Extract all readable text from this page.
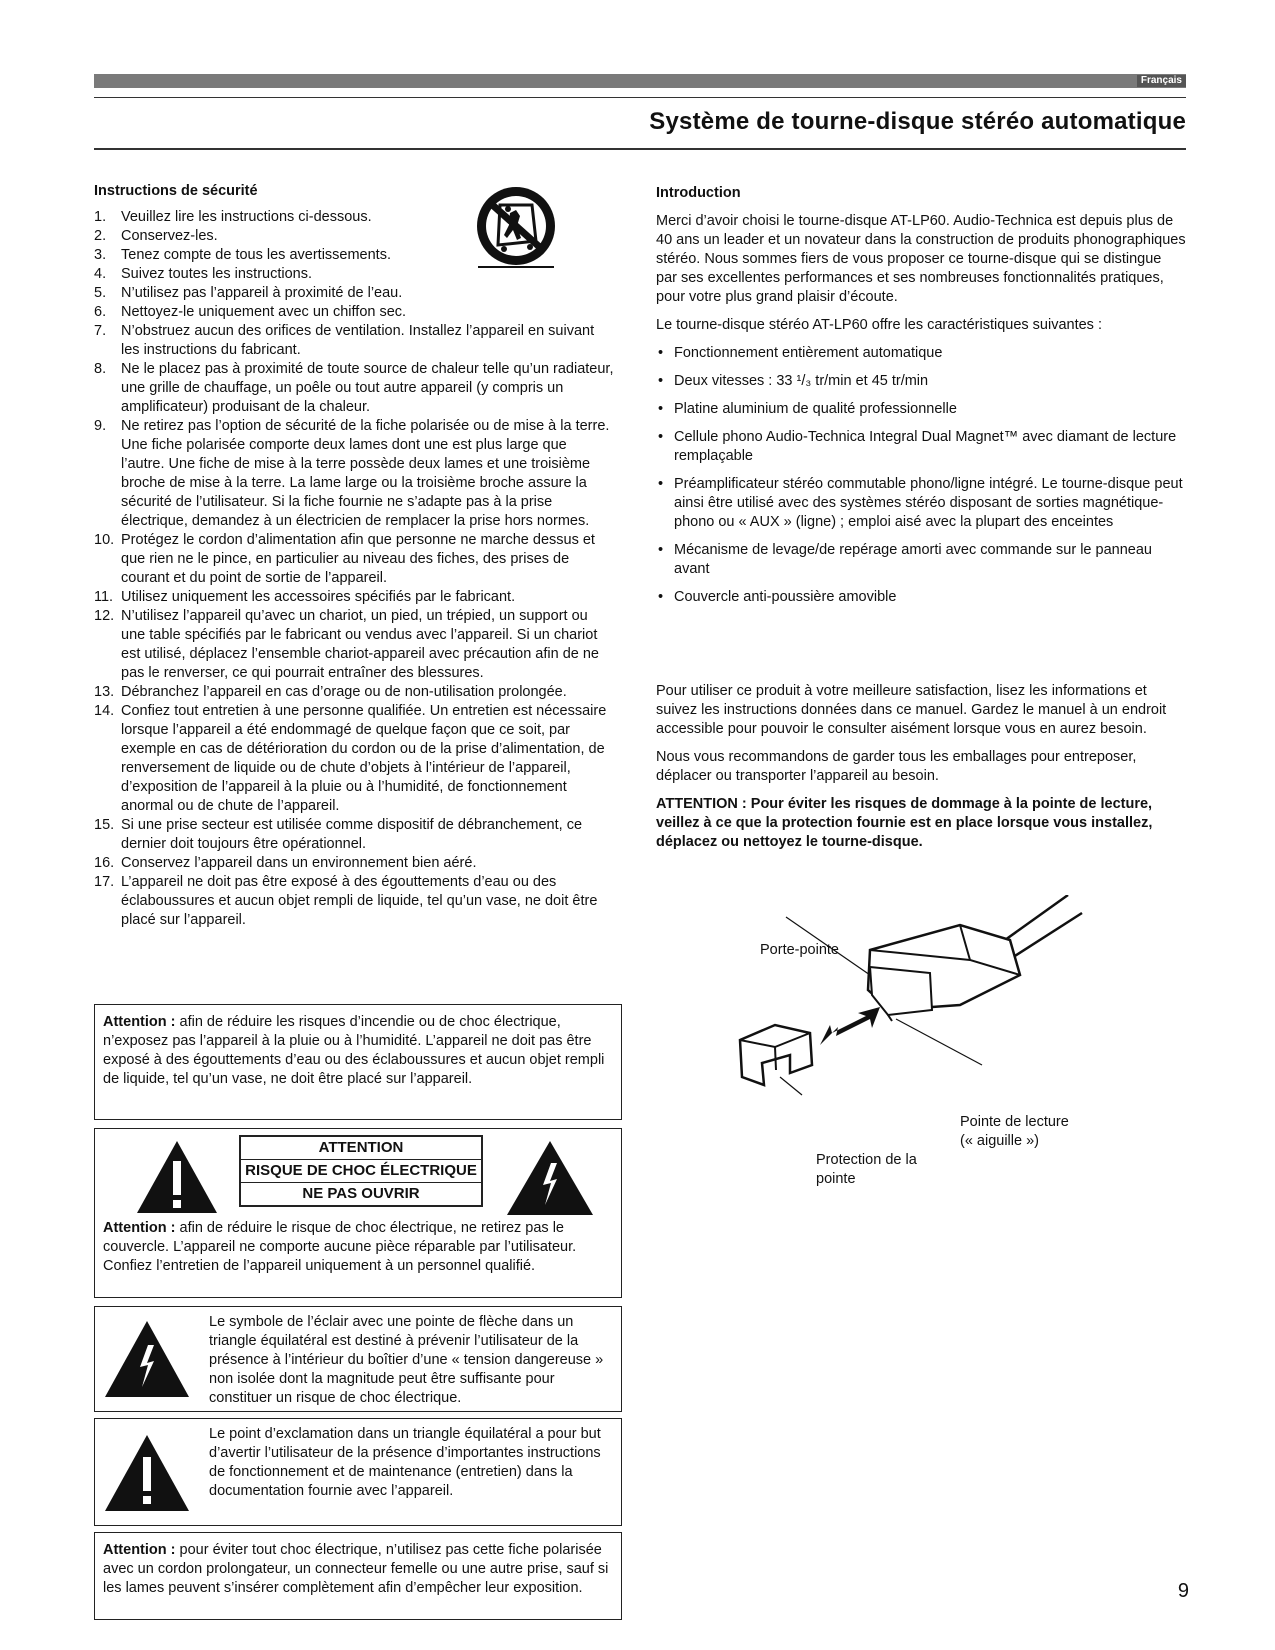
Français
Système de tourne-disque stéréo automatique
Instructions de sécurité
1. Veuillez lire les instructions ci-dessous.
2. Conservez-les.
3. Tenez compte de tous les avertissements.
4. Suivez toutes les instructions.
5. N’utilisez pas l’appareil à proximité de l’eau.
6. Nettoyez-le uniquement avec un chiffon sec.
7. N’obstruez aucun des orifices de ventilation. Installez l’appareil en suivant les instructions du fabricant.
8. Ne le placez pas à proximité de toute source de chaleur telle qu’un radiateur, une grille de chauffage, un poêle ou tout autre appareil (y compris un amplificateur) produisant de la chaleur.
9. Ne retirez pas l’option de sécurité de la fiche polarisée ou de mise à la terre. Une fiche polarisée comporte deux lames dont une est plus large que l’autre. Une fiche de mise à la terre possède deux lames et une troisième broche de mise à la terre. La lame large ou la troisième broche assure la sécurité de l’utilisateur. Si la fiche fournie ne s’adapte pas à la prise électrique, demandez à un électricien de remplacer la prise hors normes.
10. Protégez le cordon d’alimentation afin que personne ne marche dessus et que rien ne le pince, en particulier au niveau des fiches, des prises de courant et du point de sortie de l’appareil.
11. Utilisez uniquement les accessoires spécifiés par le fabricant.
12. N’utilisez l’appareil qu’avec un chariot, un pied, un trépied, un support ou une table spécifiés par le fabricant ou vendus avec l’appareil. Si un chariot est utilisé, déplacez l’ensemble chariot-appareil avec précaution afin de ne pas le renverser, ce qui pourrait entraîner des blessures.
13. Débranchez l’appareil en cas d’orage ou de non-utilisation prolongée.
14. Confiez tout entretien à une personne qualifiée. Un entretien est nécessaire lorsque l’appareil a été endommagé de quelque façon que ce soit, par exemple en cas de détérioration du cordon ou de la prise d’alimentation, de renversement de liquide ou de chute d’objets à l’intérieur de l’appareil, d’exposition de l’appareil à la pluie ou à l’humidité, de fonctionnement anormal ou de chute de l’appareil.
15. Si une prise secteur est utilisée comme dispositif de débranchement, ce dernier doit toujours être opérationnel.
16. Conservez l’appareil dans un environnement bien aéré.
17. L’appareil ne doit pas être exposé à des égouttements d’eau ou des éclaboussures et aucun objet rempli de liquide, tel qu’un vase, ne doit être placé sur l’appareil.

Attention : afin de réduire les risques d’incendie ou de choc électrique, n’exposez pas l’appareil à la pluie ou à l’humidité. L’appareil ne doit pas être exposé à des égouttements d’eau ou des éclaboussures et aucun objet rempli de liquide, tel qu’un vase, ne doit être placé sur l’appareil.

ATTENTION
RISQUE DE CHOC ÉLECTRIQUE
NE PAS OUVRIR

Attention : afin de réduire le risque de choc électrique, ne retirez pas le couvercle. L’appareil ne comporte aucune pièce réparable par l’utilisateur. Confiez l’entretien de l’appareil uniquement à un personnel qualifié.

Le symbole de l’éclair avec une pointe de flèche dans un triangle équilatéral est destiné à prévenir l’utilisateur de la présence à l’intérieur du boîtier d’une « tension dangereuse » non isolée dont la magnitude peut être suffisante pour constituer un risque de choc électrique.

Le point d’exclamation dans un triangle équilatéral a pour but d’avertir l’utilisateur de la présence d’importantes instructions de fonctionnement et de maintenance (entretien) dans la documentation fournie avec l’appareil.

Attention : pour éviter tout choc électrique, n’utilisez pas cette fiche polarisée avec un cordon prolongateur, un connecteur femelle ou une autre prise, sauf si les lames peuvent s’insérer complètement afin d’empêcher leur exposition.

Introduction

Merci d’avoir choisi le tourne-disque AT-LP60. Audio-Technica est depuis plus de 40 ans un leader et un novateur dans la construction de produits phonographiques stéréo. Nous sommes fiers de vous proposer ce tourne-disque qui se distingue par ses excellentes performances et ses nombreuses fonctionnalités pratiques, pour votre plus grand plaisir d’écoute.

Le tourne-disque stéréo AT-LP60 offre les caractéristiques suivantes :

• Fonctionnement entièrement automatique
• Deux vitesses : 33 ¹/₃ tr/min et 45 tr/min
• Platine aluminium de qualité professionnelle
• Cellule phono Audio-Technica Integral Dual Magnet™ avec diamant de lecture remplaçable
• Préamplificateur stéréo commutable phono/ligne intégré. Le tourne-disque peut ainsi être utilisé avec des systèmes stéréo disposant de sorties magnétique-phono ou « AUX » (ligne) ; emploi aisé avec la plupart des enceintes
• Mécanisme de levage/de repérage amorti avec commande sur le panneau avant
• Couvercle anti-poussière amovible

Pour utiliser ce produit à votre meilleure satisfaction, lisez les informations et suivez les instructions données dans ce manuel. Gardez le manuel à un endroit accessible pour pouvoir le consulter aisément lorsque vous en aurez besoin.

Nous vous recommandons de garder tous les emballages pour entreposer, déplacer ou transporter l’appareil au besoin.

ATTENTION : Pour éviter les risques de dommage à la pointe de lecture, veillez à ce que la protection fournie est en place lorsque vous installez, déplacez ou nettoyez le tourne-disque.

Porte-pointe
Pointe de lecture
(« aiguille »)
Protection de la
pointe
9
